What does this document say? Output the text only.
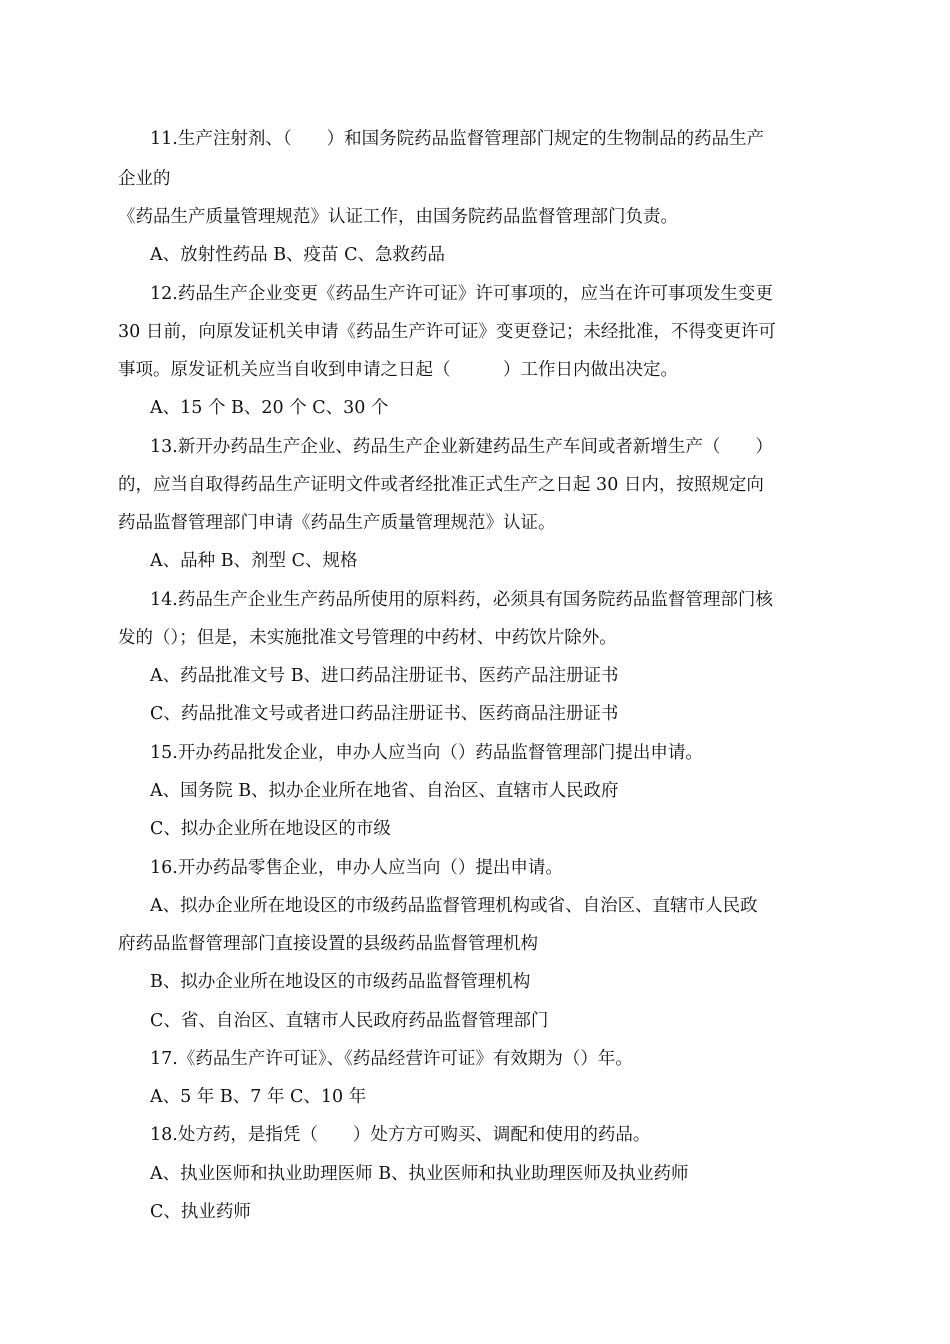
11.生产注射剂、（　　）和国务院药品监督管理部门规定的生物制品的药品生产
企业的
《药品生产质量管理规范》认证工作，由国务院药品监督管理部门负责。
A、放射性药品 B、疫苗 C、急救药品
12.药品生产企业变更《药品生产许可证》许可事项的，应当在许可事项发生变更
30 日前，向原发证机关申请《药品生产许可证》变更登记；未经批准，不得变更许可
事项。原发证机关应当自收到申请之日起（　　　）工作日内做出决定。
A、15 个 B、20 个 C、30 个
13.新开办药品生产企业、药品生产企业新建药品生产车间或者新增生产（　　）
的，应当自取得药品生产证明文件或者经批准正式生产之日起 30 日内，按照规定向
药品监督管理部门申请《药品生产质量管理规范》认证。
A、品种 B、剂型 C、规格
14.药品生产企业生产药品所使用的原料药，必须具有国务院药品监督管理部门核
发的（）；但是，未实施批准文号管理的中药材、中药饮片除外。
A、药品批准文号 B、进口药品注册证书、医药产品注册证书
C、药品批准文号或者进口药品注册证书、医药商品注册证书
15.开办药品批发企业，申办人应当向（）药品监督管理部门提出申请。
A、国务院 B、拟办企业所在地省、自治区、直辖市人民政府
C、拟办企业所在地设区的市级
16.开办药品零售企业，申办人应当向（）提出申请。
A、拟办企业所在地设区的市级药品监督管理机构或省、自治区、直辖市人民政
府药品监督管理部门直接设置的县级药品监督管理机构
B、拟办企业所在地设区的市级药品监督管理机构
C、省、自治区、直辖市人民政府药品监督管理部门
17.《药品生产许可证》、《药品经营许可证》有效期为（）年。
A、5 年 B、7 年 C、10 年
18.处方药，是指凭（　　）处方方可购买、调配和使用的药品。
A、执业医师和执业助理医师 B、执业医师和执业助理医师及执业药师
C、执业药师
